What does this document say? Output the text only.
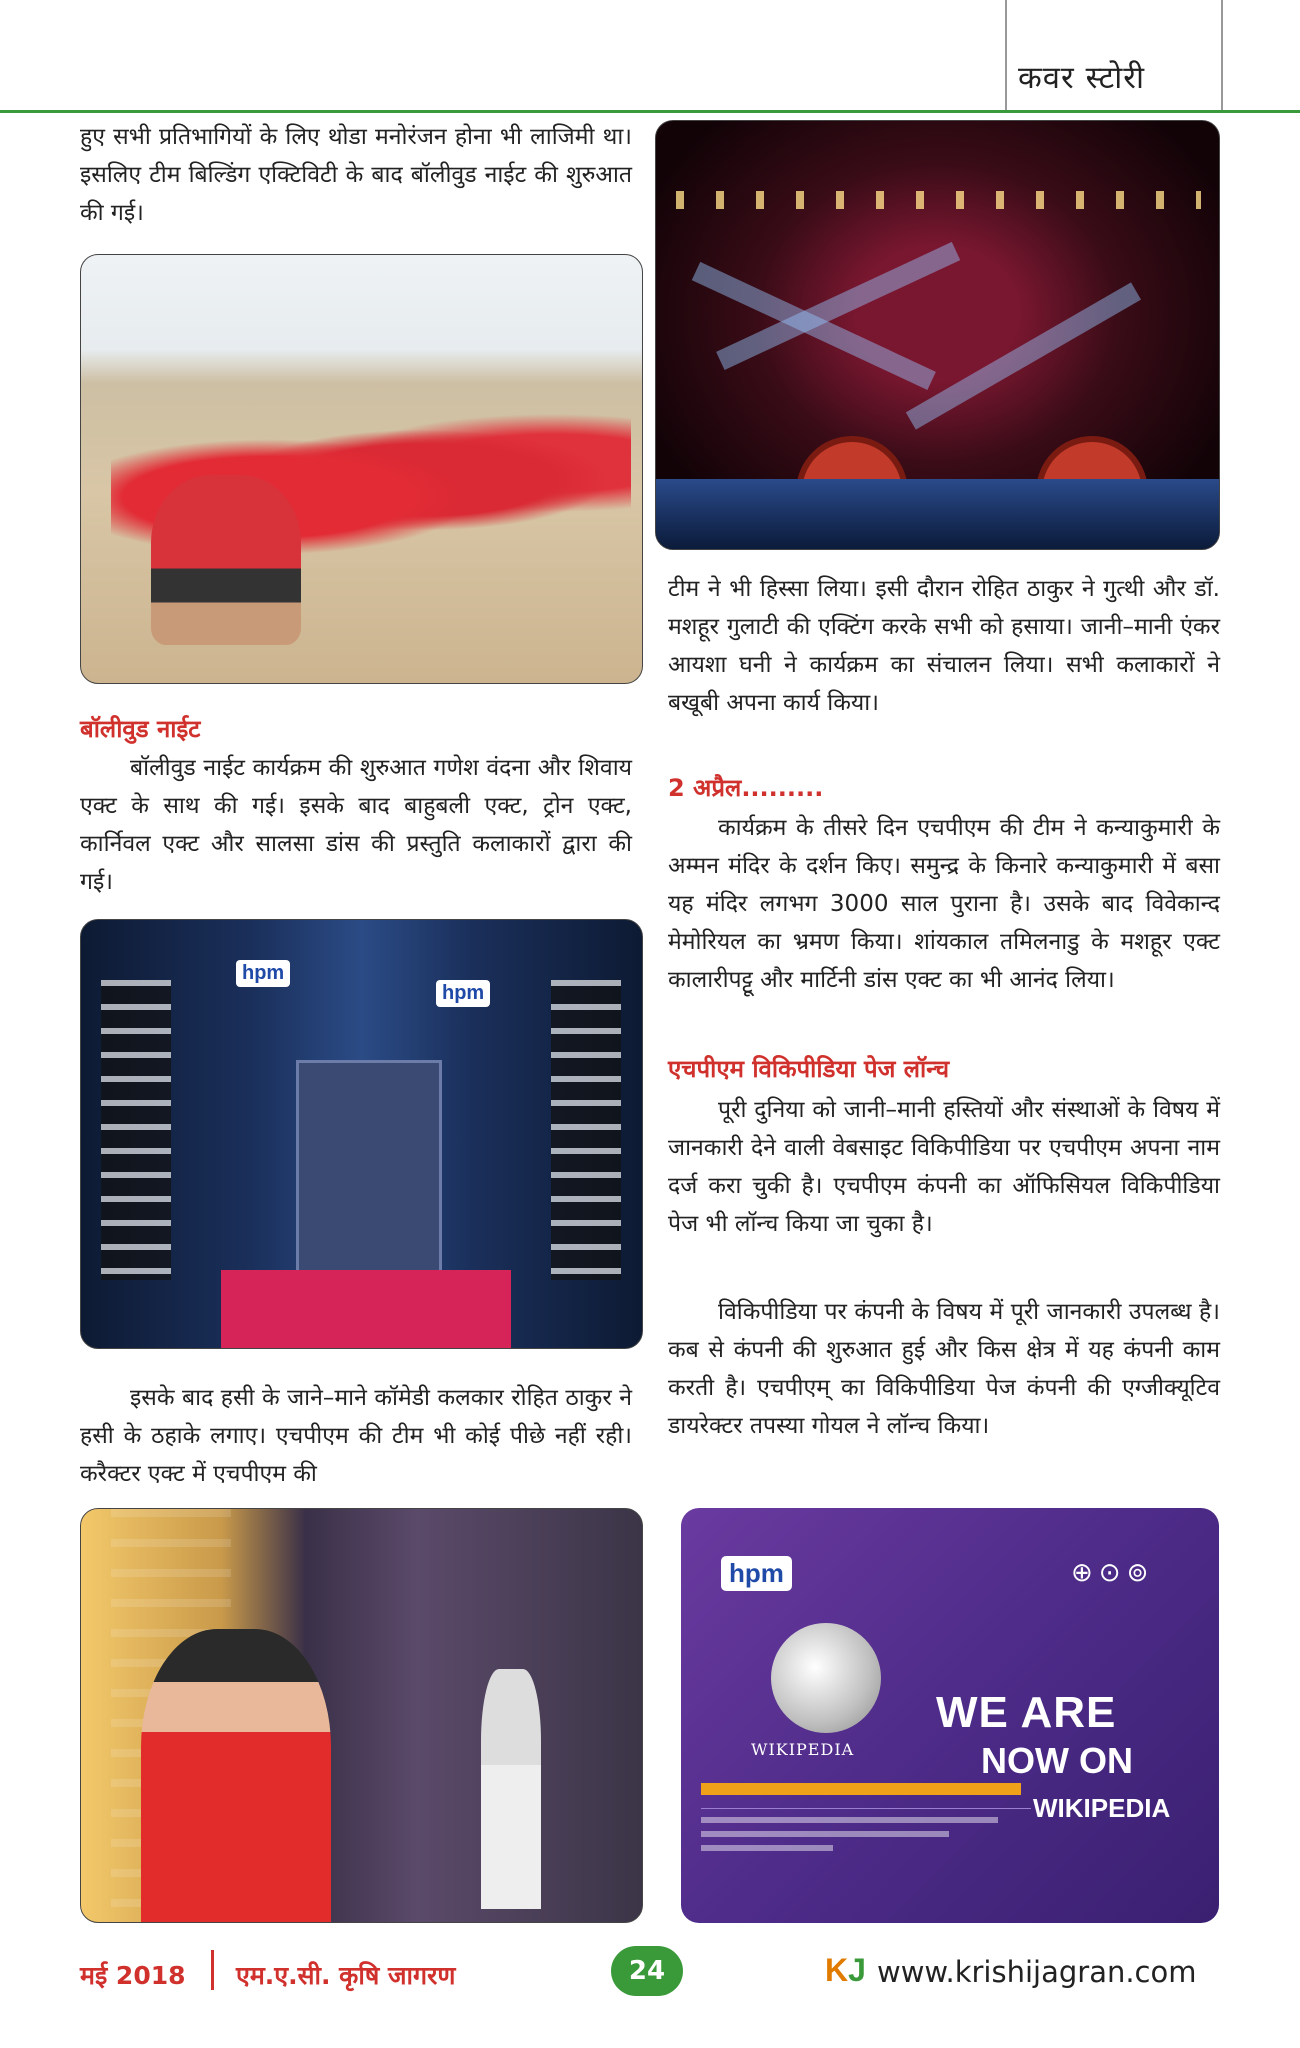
कवर स्टोरी

हुए सभी प्रतिभागियों के लिए थोडा मनोरंजन होना भी लाजिमी था। इसलिए टीम बिल्डिंग एक्टिविटी के बाद बॉलीवुड नाईट की शुरुआत की गई।

बॉलीवुड नाईट

बॉलीवुड नाईट कार्यक्रम की शुरुआत गणेश वंदना और शिवाय एक्ट के साथ की गई। इसके बाद बाहुबली एक्ट, ट्रोन एक्ट, कार्निवल एक्ट और सालसा डांस की प्रस्तुति कलाकारों द्वारा की गई।

hpm
hpm

इसके बाद हसी के जाने–माने कॉमेडी कलकार रोहित ठाकुर ने हसी के ठहाके लगाए। एचपीएम की टीम भी कोई पीछे नहीं रही। करैक्टर एक्ट में एचपीएम की

टीम ने भी हिस्सा लिया। इसी दौरान रोहित ठाकुर ने गुत्थी और डॉ. मशहूर गुलाटी की एक्टिंग करके सभी को हसाया। जानी–मानी एंकर आयशा घनी ने कार्यक्रम का संचालन लिया। सभी कलाकारों ने बखूबी अपना कार्य किया।

2 अप्रैल.........

कार्यक्रम के तीसरे दिन एचपीएम की टीम ने कन्याकुमारी के अम्मन मंदिर के दर्शन किए। समुन्द्र के किनारे कन्याकुमारी में बसा यह मंदिर लगभग 3000 साल पुराना है। उसके बाद विवेकान्द मेमोरियल का भ्रमण किया। शांयकाल तमिलनाडु के मशहूर एक्ट कालारीपट्टू और मार्टिनी डांस एक्ट का भी आनंद लिया।

एचपीएम विकिपीडिया पेज लॉन्च

पूरी दुनिया को जानी–मानी हस्तियों और संस्थाओं के विषय में जानकारी देने वाली वेबसाइट विकिपीडिया पर एचपीएम अपना नाम दर्ज करा चुकी है। एचपीएम कंपनी का ऑफिसियल विकिपीडिया पेज भी लॉन्च किया जा चुका है।

विकिपीडिया पर कंपनी के विषय में पूरी जानकारी उपलब्ध है। कब से कंपनी की शुरुआत हुई और किस क्षेत्र में यह कंपनी काम करती है। एचपीएम् का विकिपीडिया पेज कंपनी की एग्जीक्यूटिव डायरेक्टर तपस्या गोयल ने लॉन्च किया।

hpm	⊕⊙⊚
WIKIPEDIA
WE ARE
NOW ON
WIKIPEDIA
मई 2018 एम.ए.सी. कृषि जागरण	24	KJ www.krishijagran.com
